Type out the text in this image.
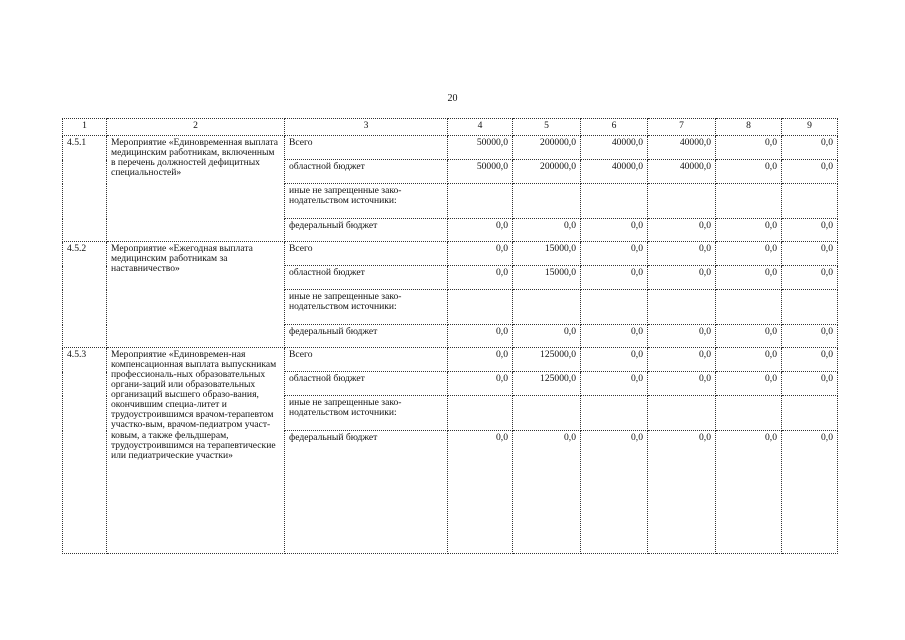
20
1	2	3	4	5	6	7	8	9
4.5.1	Мероприятие «Единовременная выплата медицинским работникам, включенным в перечень должностей дефицитных специальностей»	Всего	50000,0	200000,0	40000,0	40000,0	0,0	0,0
		областной бюджет	50000,0	200000,0	40000,0	40000,0	0,0	0,0
		иные не запрещенные зако-нодательством источники:						
		федеральный бюджет	0,0	0,0	0,0	0,0	0,0	0,0
4.5.2	Мероприятие «Ежегодная выплата медицинским работникам за наставничество»	Всего	0,0	15000,0	0,0	0,0	0,0	0,0
		областной бюджет	0,0	15000,0	0,0	0,0	0,0	0,0
		иные не запрещенные зако-нодательством источники:						
		федеральный бюджет	0,0	0,0	0,0	0,0	0,0	0,0
4.5.3	Мероприятие «Единовремен-ная компенсационная выплата выпускникам профессиональ-ных образовательных органи-заций или образовательных организаций высшего образо-вания, окончившим специа-литет и трудоустроившимся врачом-терапевтом участко-вым, врачом-педиатром участ-ковым, а также фельдшерам, трудоустроившимся на терапевтические или педиатрические участки»	Всего	0,0	125000,0	0,0	0,0	0,0	0,0
		областной бюджет	0,0	125000,0	0,0	0,0	0,0	0,0
		иные не запрещенные зако-нодательством источники:						
		федеральный бюджет	0,0	0,0	0,0	0,0	0,0	0,0
